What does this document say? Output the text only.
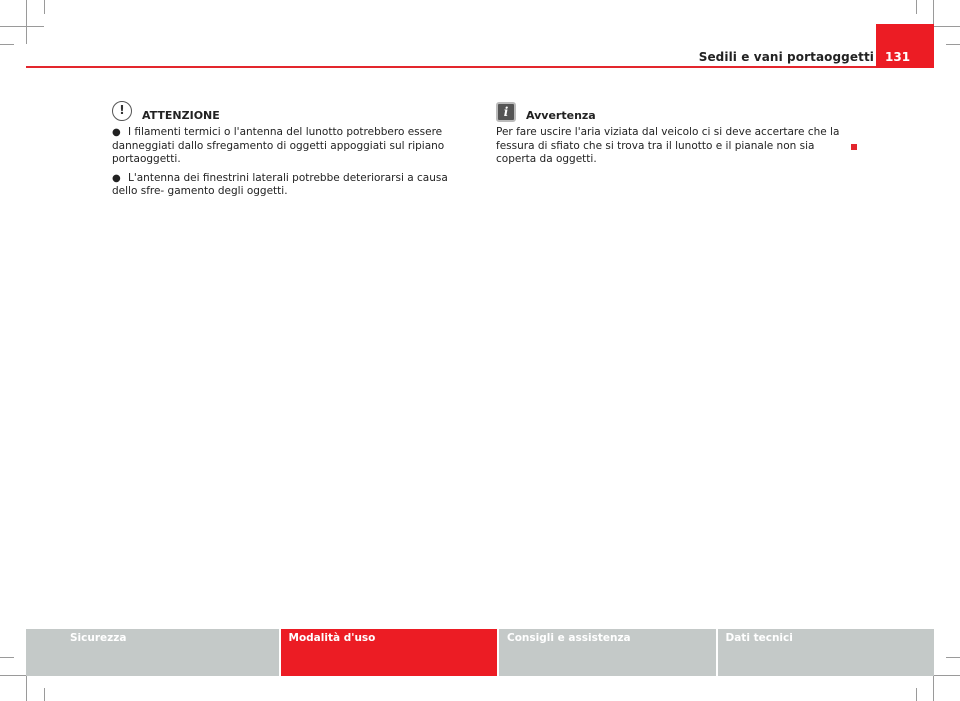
Sedili e vani portaoggetti 131
!	ATTENZIONE
● I filamenti termici o l'antenna del lunotto potrebbero essere danneggiati dallo sfregamento di oggetti appoggiati sul ripiano portaoggetti.
● L'antenna dei finestrini laterali potrebbe deteriorarsi a causa dello sfre- gamento degli oggetti.
i	Avvertenza
Per fare uscire l'aria viziata dal veicolo ci si deve accertare che la fessura di sfiato che si trova tra il lunotto e il pianale non sia coperta da oggetti.
Sicurezza	Modalità d'uso	Consigli e assistenza	Dati tecnici
